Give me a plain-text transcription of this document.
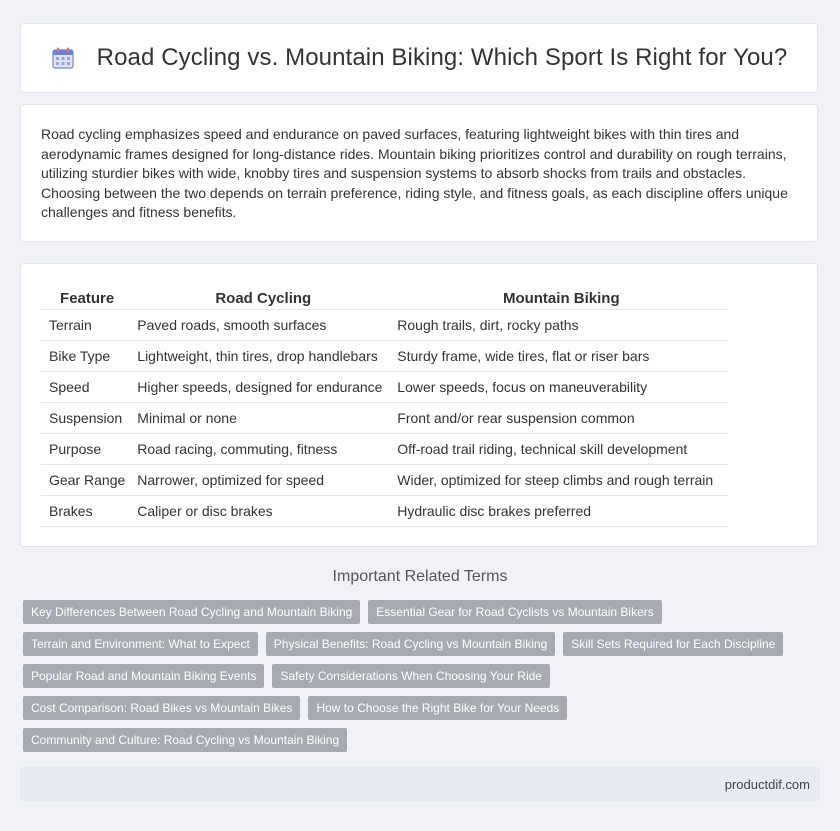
Road Cycling vs. Mountain Biking: Which Sport Is Right for You?

Road cycling emphasizes speed and endurance on paved surfaces, featuring lightweight bikes with thin tires and aerodynamic frames designed for long-distance rides. Mountain biking prioritizes control and durability on rough terrains, utilizing sturdier bikes with wide, knobby tires and suspension systems to absorb shocks from trails and obstacles. Choosing between the two depends on terrain preference, riding style, and fitness goals, as each discipline offers unique challenges and fitness benefits.

Feature	Road Cycling	Mountain Biking
Terrain	Paved roads, smooth surfaces	Rough trails, dirt, rocky paths
Bike Type	Lightweight, thin tires, drop handlebars	Sturdy frame, wide tires, flat or riser bars
Speed	Higher speeds, designed for endurance	Lower speeds, focus on maneuverability
Suspension	Minimal or none	Front and/or rear suspension common
Purpose	Road racing, commuting, fitness	Off-road trail riding, technical skill development
Gear Range	Narrower, optimized for speed	Wider, optimized for steep climbs and rough terrain
Brakes	Caliper or disc brakes	Hydraulic disc brakes preferred
Important Related Terms
Key Differences Between Road Cycling and Mountain Biking	Essential Gear for Road Cyclists vs Mountain Bikers
Terrain and Environment: What to Expect	Physical Benefits: Road Cycling vs Mountain Biking	Skill Sets Required for Each Discipline
Popular Road and Mountain Biking Events	Safety Considerations When Choosing Your Ride
Cost Comparison: Road Bikes vs Mountain Bikes	How to Choose the Right Bike for Your Needs
Community and Culture: Road Cycling vs Mountain Biking
productdif.com
